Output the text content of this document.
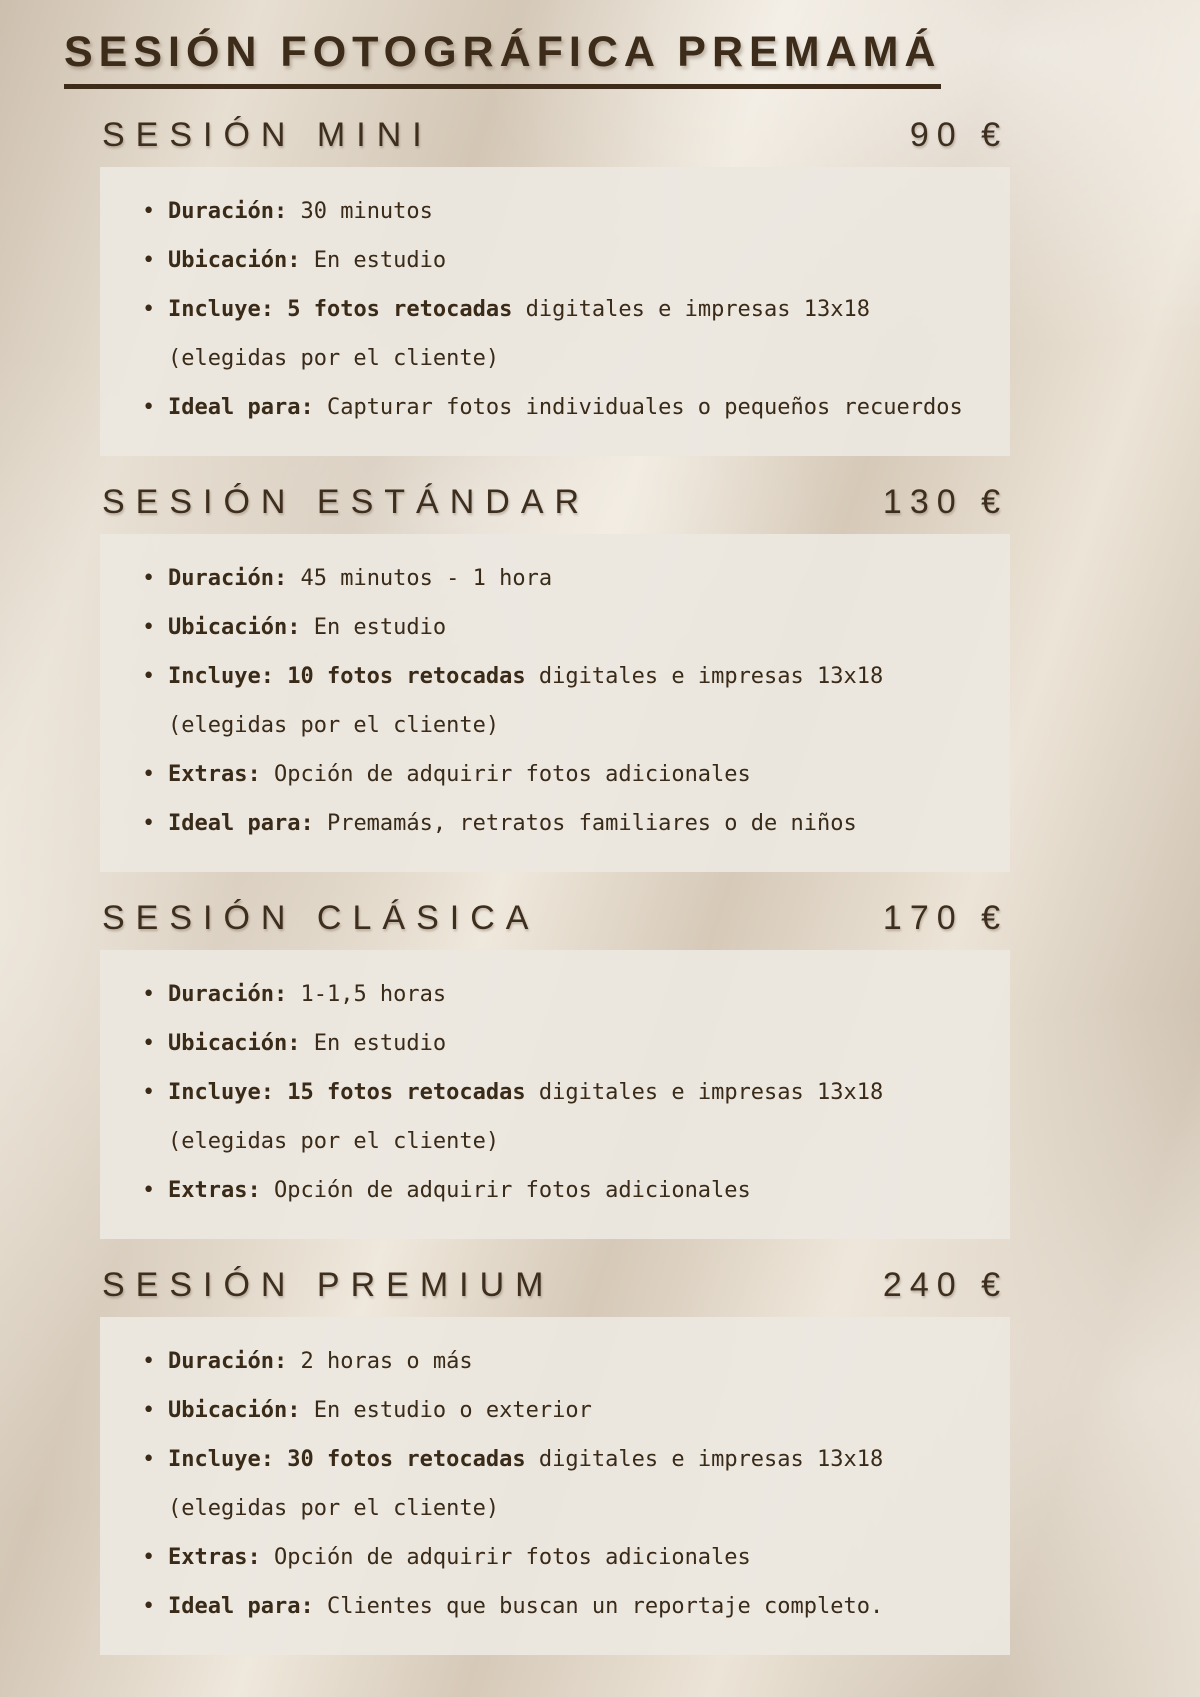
SESIÓN FOTOGRÁFICA PREMAMÁ
SESIÓN MINI	90 €
• Duración: 30 minutos
• Ubicación: En estudio
• Incluye: 5 fotos retocadas digitales e impresas 13x18 (elegidas por el cliente)
• Ideal para: Capturar fotos individuales o pequeños recuerdos
SESIÓN ESTÁNDAR	130 €
• Duración: 45 minutos - 1 hora
• Ubicación: En estudio
• Incluye: 10 fotos retocadas digitales e impresas 13x18 (elegidas por el cliente)
• Extras: Opción de adquirir fotos adicionales
• Ideal para: Premamás, retratos familiares o de niños
SESIÓN CLÁSICA	170 €
• Duración: 1-1,5 horas
• Ubicación: En estudio
• Incluye: 15 fotos retocadas digitales e impresas 13x18 (elegidas por el cliente)
• Extras: Opción de adquirir fotos adicionales
SESIÓN PREMIUM	240 €
• Duración: 2 horas o más
• Ubicación: En estudio o exterior
• Incluye: 30 fotos retocadas digitales e impresas 13x18 (elegidas por el cliente)
• Extras: Opción de adquirir fotos adicionales
• Ideal para: Clientes que buscan un reportaje completo.
